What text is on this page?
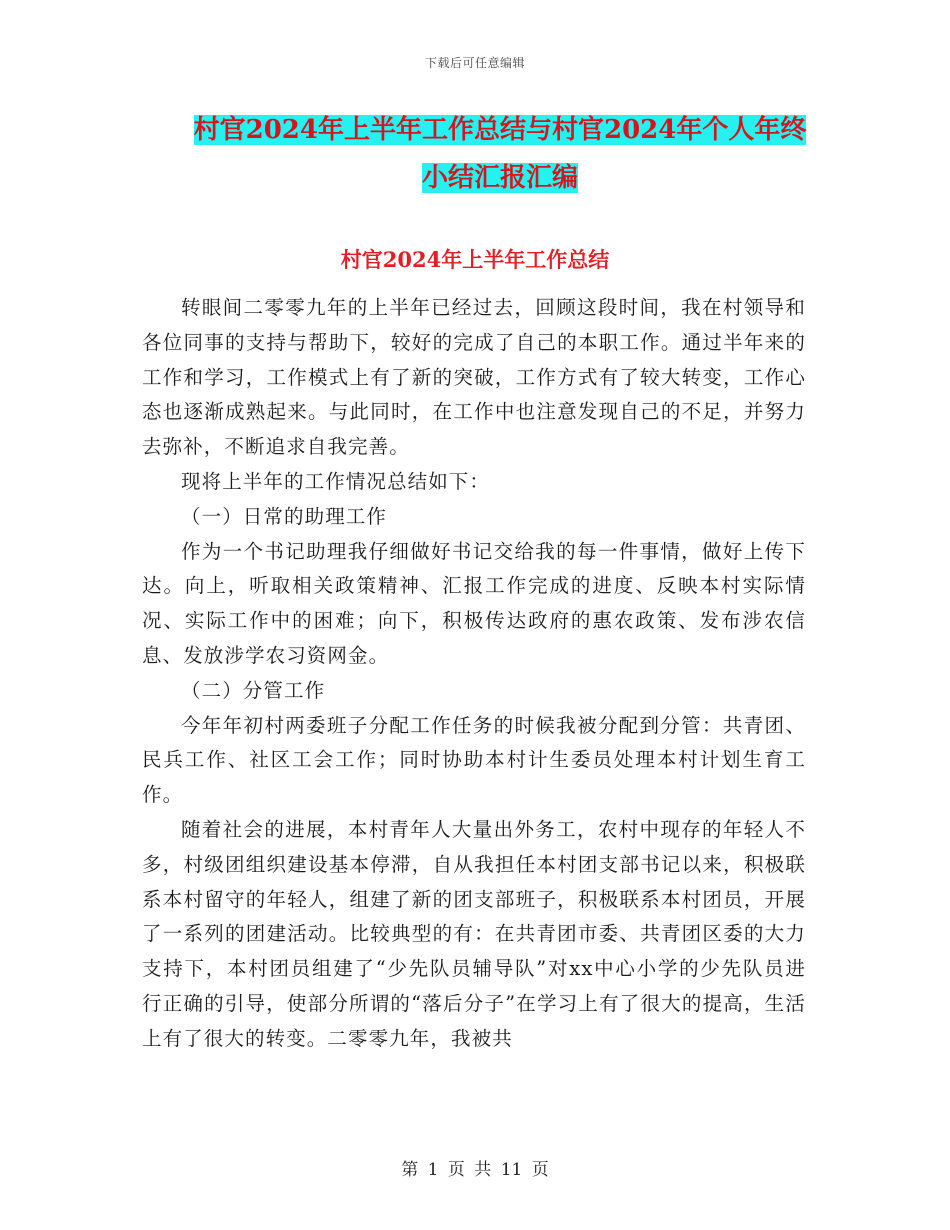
下载后可任意编辑
村官2024年上半年工作总结与村官2024年个人年终
小结汇报汇编
村官2024年上半年工作总结

转眼间二零零九年的上半年已经过去，回顾这段时间，我在村领导和各位同事的支持与帮助下，较好的完成了自己的本职工作。通过半年来的工作和学习，工作模式上有了新的突破，工作方式有了较大转变，工作心态也逐渐成熟起来。与此同时，在工作中也注意发现自己的不足，并努力去弥补，不断追求自我完善。

现将上半年的工作情况总结如下：

（一）日常的助理工作

作为一个书记助理我仔细做好书记交给我的每一件事情，做好上传下达。向上，听取相关政策精神、汇报工作完成的进度、反映本村实际情况、实际工作中的困难；向下，积极传达政府的惠农政策、发布涉农信息、发放涉学农习资网金。

（二）分管工作

今年年初村两委班子分配工作任务的时候我被分配到分管：共青团、民兵工作、社区工会工作；同时协助本村计生委员处理本村计划生育工作。

随着社会的进展，本村青年人大量出外务工，农村中现存的年轻人不多，村级团组织建设基本停滞，自从我担任本村团支部书记以来，积极联系本村留守的年轻人，组建了新的团支部班子，积极联系本村团员，开展了一系列的团建活动。比较典型的有：在共青团市委、共青团区委的大力支持下，本村团员组建了“少先队员辅导队”对xx中心小学的少先队员进行正确的引导，使部分所谓的“落后分子”在学习上有了很大的提高，生活上有了很大的转变。二零零九年，我被共

第 1 页 共 11 页
